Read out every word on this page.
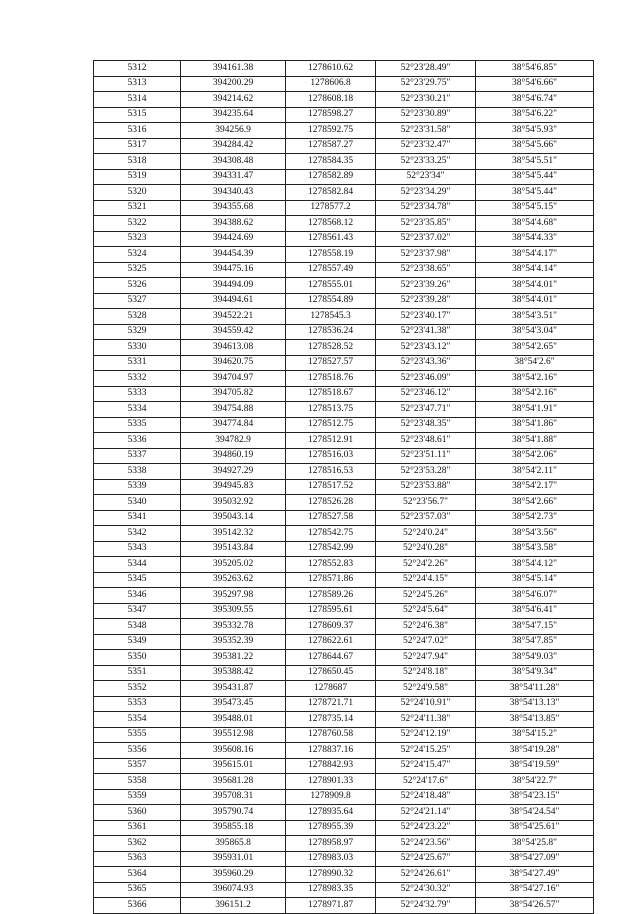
5312	394161.38	1278610.62	52°23'28.49"	38°54'6.85"
5313	394200.29	1278606.8	52°23'29.75"	38°54'6.66"
5314	394214.62	1278608.18	52°23'30.21"	38°54'6.74"
5315	394235.64	1278598.27	52°23'30.89"	38°54'6.22"
5316	394256.9	1278592.75	52°23'31.58"	38°54'5.93"
5317	394284.42	1278587.27	52°23'32.47"	38°54'5.66"
5318	394308.48	1278584.35	52°23'33.25"	38°54'5.51"
5319	394331.47	1278582.89	52°23'34"	38°54'5.44"
5320	394340.43	1278582.84	52°23'34.29"	38°54'5.44"
5321	394355.68	1278577.2	52°23'34.78"	38°54'5.15"
5322	394388.62	1278568.12	52°23'35.85"	38°54'4.68"
5323	394424.69	1278561.43	52°23'37.02"	38°54'4.33"
5324	394454.39	1278558.19	52°23'37.98"	38°54'4.17"
5325	394475.16	1278557.49	52°23'38.65"	38°54'4.14"
5326	394494.09	1278555.01	52°23'39.26"	38°54'4.01"
5327	394494.61	1278554.89	52°23'39.28"	38°54'4.01"
5328	394522.21	1278545.3	52°23'40.17"	38°54'3.51"
5329	394559.42	1278536.24	52°23'41.38"	38°54'3.04"
5330	394613.08	1278528.52	52°23'43.12"	38°54'2.65"
5331	394620.75	1278527.57	52°23'43.36"	38°54'2.6"
5332	394704.97	1278518.76	52°23'46.09"	38°54'2.16"
5333	394705.82	1278518.67	52°23'46.12"	38°54'2.16"
5334	394754.88	1278513.75	52°23'47.71"	38°54'1.91"
5335	394774.84	1278512.75	52°23'48.35"	38°54'1.86"
5336	394782.9	1278512.91	52°23'48.61"	38°54'1.88"
5337	394860.19	1278516.03	52°23'51.11"	38°54'2.06"
5338	394927.29	1278516.53	52°23'53.28"	38°54'2.11"
5339	394945.83	1278517.52	52°23'53.88"	38°54'2.17"
5340	395032.92	1278526.28	52°23'56.7"	38°54'2.66"
5341	395043.14	1278527.58	52°23'57.03"	38°54'2.73"
5342	395142.32	1278542.75	52°24'0.24"	38°54'3.56"
5343	395143.84	1278542.99	52°24'0.28"	38°54'3.58"
5344	395205.02	1278552.83	52°24'2.26"	38°54'4.12"
5345	395263.62	1278571.86	52°24'4.15"	38°54'5.14"
5346	395297.98	1278589.26	52°24'5.26"	38°54'6.07"
5347	395309.55	1278595.61	52°24'5.64"	38°54'6.41"
5348	395332.78	1278609.37	52°24'6.38"	38°54'7.15"
5349	395352.39	1278622.61	52°24'7.02"	38°54'7.85"
5350	395381.22	1278644.67	52°24'7.94"	38°54'9.03"
5351	395388.42	1278650.45	52°24'8.18"	38°54'9.34"
5352	395431.87	1278687	52°24'9.58"	38°54'11.28"
5353	395473.45	1278721.71	52°24'10.91"	38°54'13.13"
5354	395488.01	1278735.14	52°24'11.38"	38°54'13.85"
5355	395512.98	1278760.58	52°24'12.19"	38°54'15.2"
5356	395608.16	1278837.16	52°24'15.25"	38°54'19.28"
5357	395615.01	1278842.93	52°24'15.47"	38°54'19.59"
5358	395681.28	1278901.33	52°24'17.6"	38°54'22.7"
5359	395708.31	1278909.8	52°24'18.48"	38°54'23.15"
5360	395790.74	1278935.64	52°24'21.14"	38°54'24.54"
5361	395855.18	1278955.39	52°24'23.22"	38°54'25.61"
5362	395865.8	1278958.97	52°24'23.56"	38°54'25.8"
5363	395931.01	1278983.03	52°24'25.67"	38°54'27.09"
5364	395960.29	1278990.32	52°24'26.61"	38°54'27.49"
5365	396074.93	1278983.35	52°24'30.32"	38°54'27.16"
5366	396151.2	1278971.87	52°24'32.79"	38°54'26.57"
